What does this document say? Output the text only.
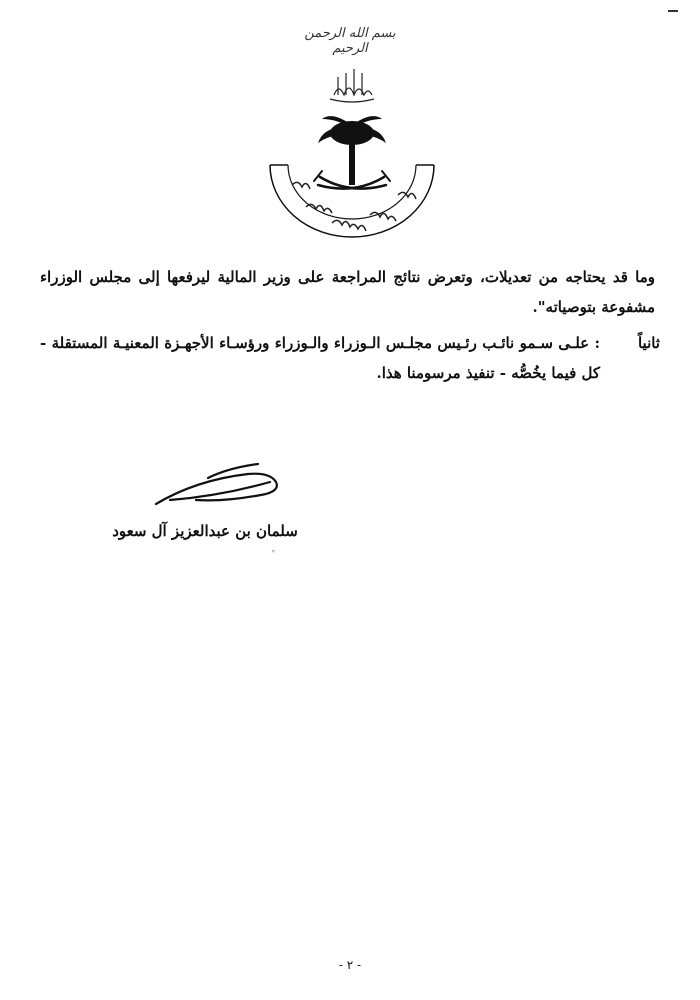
بسم الله الرحمن الرحيم
وما قد يحتاجه من تعديلات، وتعرض نتائج المراجعة على وزير المالية ليرفعها إلى مجلس الوزراء مشفوعة بتوصياته".
ثانياً
: علـى سـمو نائـب رئـيس مجلـس الـوزراء والـوزراء ورؤسـاء الأجهـزة المعنيـة المستقلة - كل فيما يخُصُّه - تنفيذ مرسومنا هذا.
سلمان بن عبدالعزيز آل سعود
ᵛ
- ٢ -
